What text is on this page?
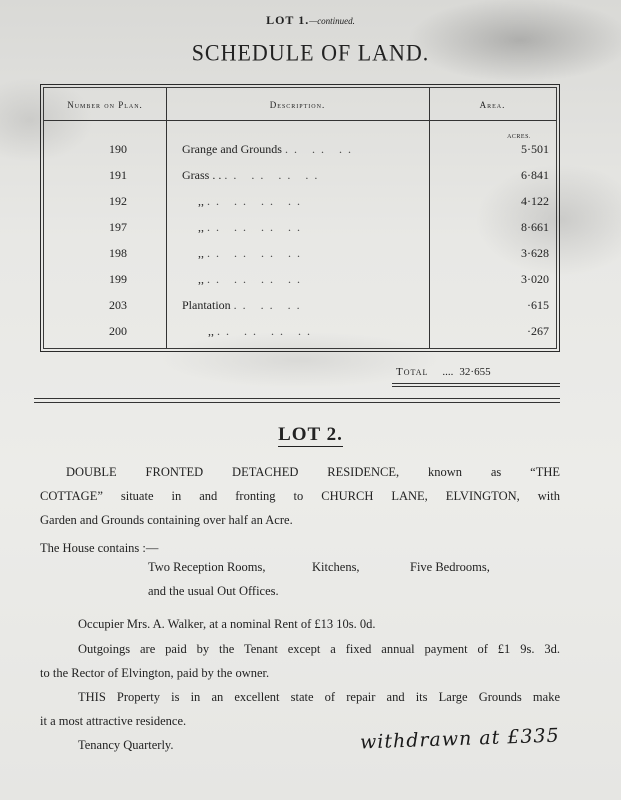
LOT 1.—continued.
SCHEDULE OF LAND.
Number on Plan.	Description.	Area.
ACRES.
190	Grange and Grounds .. .. ..	5·501
191	Grass . . .. .. .. ..	6·841
192	,, .. .. .. ..	4·122
197	,, .. .. .. ..	8·661
198	,, .. .. .. ..	3·628
199	,, .. .. .. ..	3·020
203	Plantation .. .. ..	·615
200	,, .. .. .. ..	·267
Total .... 32·655
LOT 2.
DOUBLE FRONTED DETACHED RESIDENCE, known as “THE
COTTAGE” situate in and fronting to CHURCH LANE, ELVINGTON, with
Garden and Grounds containing over half an Acre.
The House contains :—
Two Reception Rooms,	Kitchens,	Five Bedrooms,
and the usual Out Offices.
Occupier Mrs. A. Walker, at a nominal Rent of £13 10s. 0d.
Outgoings are paid by the Tenant except a fixed annual payment of £1 9s. 3d.
to the Rector of Elvington, paid by the owner.
THIS Property is in an excellent state of repair and its Large Grounds make
it a most attractive residence.
Tenancy Quarterly.	withdrawn at £335
